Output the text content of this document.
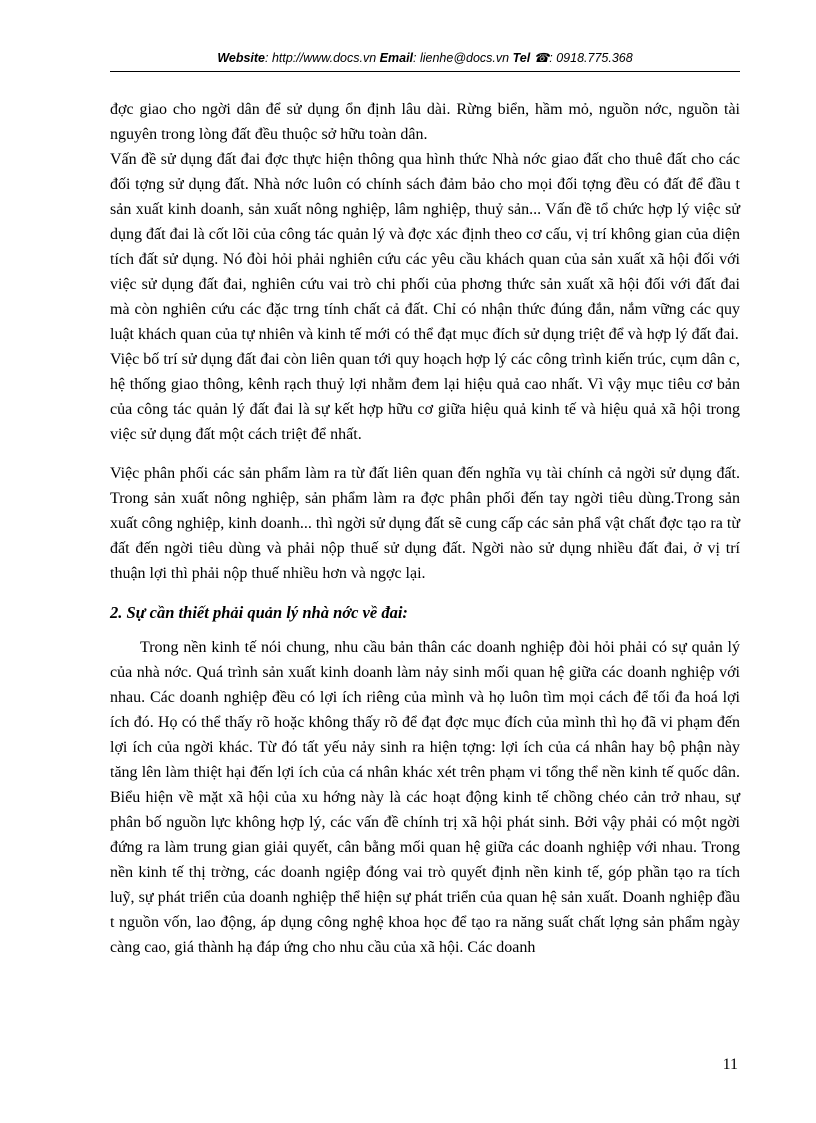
Website: http://www.docs.vn Email: lienhe@docs.vn Tel ☎: 0918.775.368

đợc giao cho ngời dân để sử dụng ổn định lâu dài. Rừng biển, hầm mỏ, nguồn nớc, nguồn tài nguyên trong lòng đất đều thuộc sở hữu toàn dân.

Vấn đề sử dụng đất đai đợc thực hiện thông qua hình thức Nhà nớc giao đất cho thuê đất cho các đối tợng sử dụng đất. Nhà nớc luôn có chính sách đảm bảo cho mọi đối tợng đều có đất để đầu t sản xuất kinh doanh, sản xuất nông nghiệp, lâm nghiệp, thuỷ sản... Vấn đề tổ chức hợp lý việc sử dụng đất đai là cốt lõi của công tác quản lý và đợc xác định theo cơ cấu, vị trí không gian của diện tích đất sử dụng. Nó đòi hỏi phải nghiên cứu các yêu cầu khách quan của sản xuất xã hội đối với việc sử dụng đất đai, nghiên cứu vai trò chi phối của phơng thức sản xuất xã hội đối với đất đai mà còn nghiên cứu các đặc trng tính chất cả đất. Chỉ có nhận thức đúng đắn, nắm vững các quy luật khách quan của tự nhiên và kinh tế mới có thể đạt mục đích sử dụng triệt để và hợp lý đất đai.

Việc bố trí sử dụng đất đai còn liên quan tới quy hoạch hợp lý các công trình kiến trúc, cụm dân c, hệ thống giao thông, kênh rạch thuỷ lợi nhằm đem lại hiệu quả cao nhất. Vì vậy mục tiêu cơ bản của công tác quản lý đất đai là sự kết hợp hữu cơ giữa hiệu quả kinh tế và hiệu quả xã hội trong việc sử dụng đất một cách triệt để nhất.

Việc phân phối các sản phẩm làm ra từ đất liên quan đến nghĩa vụ tài chính cả ngời sử dụng đất. Trong sản xuất nông nghiệp, sản phẩm làm ra đợc phân phối đến tay ngời tiêu dùng.Trong sản xuất công nghiệp, kinh doanh... thì ngời sử dụng đất sẽ cung cấp các sản phẩ vật chất đợc tạo ra từ đất đến ngời tiêu dùng và phải nộp thuế sử dụng đất. Ngời nào sử dụng nhiều đất đai, ở vị trí thuận lợi thì phải nộp thuế nhiều hơn và ngợc lại.

2. Sự cần thiết phải quản lý nhà nớc về đai:

Trong nền kinh tế nói chung, nhu cầu bản thân các doanh nghiệp đòi hỏi phải có sự quản lý của nhà nớc. Quá trình sản xuất kinh doanh làm nảy sinh mối quan hệ giữa các doanh nghiệp với nhau. Các doanh nghiệp đều có lợi ích riêng của mình và họ luôn tìm mọi cách để tối đa hoá lợi ích đó. Họ có thể thấy rõ hoặc không thấy rõ để đạt đợc mục đích của mình thì họ đã vi phạm đến lợi ích của ngời khác. Từ đó tất yếu nảy sinh ra hiện tợng: lợi ích của cá nhân hay bộ phận này tăng lên làm thiệt hại đến lợi ích của cá nhân khác xét trên phạm vi tổng thể nền kinh tế quốc dân. Biểu hiện về mặt xã hội của xu hớng này là các hoạt động kinh tế chồng chéo cản trở nhau, sự phân bố nguồn lực không hợp lý, các vấn đề chính trị xã hội phát sinh. Bởi vậy phải có một ngời đứng ra làm trung gian giải quyết, cân bằng mối quan hệ giữa các doanh nghiệp với nhau. Trong nền kinh tế thị trờng, các doanh ngiệp đóng vai trò quyết định nền kinh tế, góp phần tạo ra tích luỹ, sự phát triển của doanh nghiệp thể hiện sự phát triển của quan hệ sản xuất. Doanh nghiệp đầu t nguồn vốn, lao động, áp dụng công nghệ khoa học để tạo ra năng suất chất lợng sản phẩm ngày càng cao, giá thành hạ đáp ứng cho nhu cầu của xã hội. Các doanh

11
